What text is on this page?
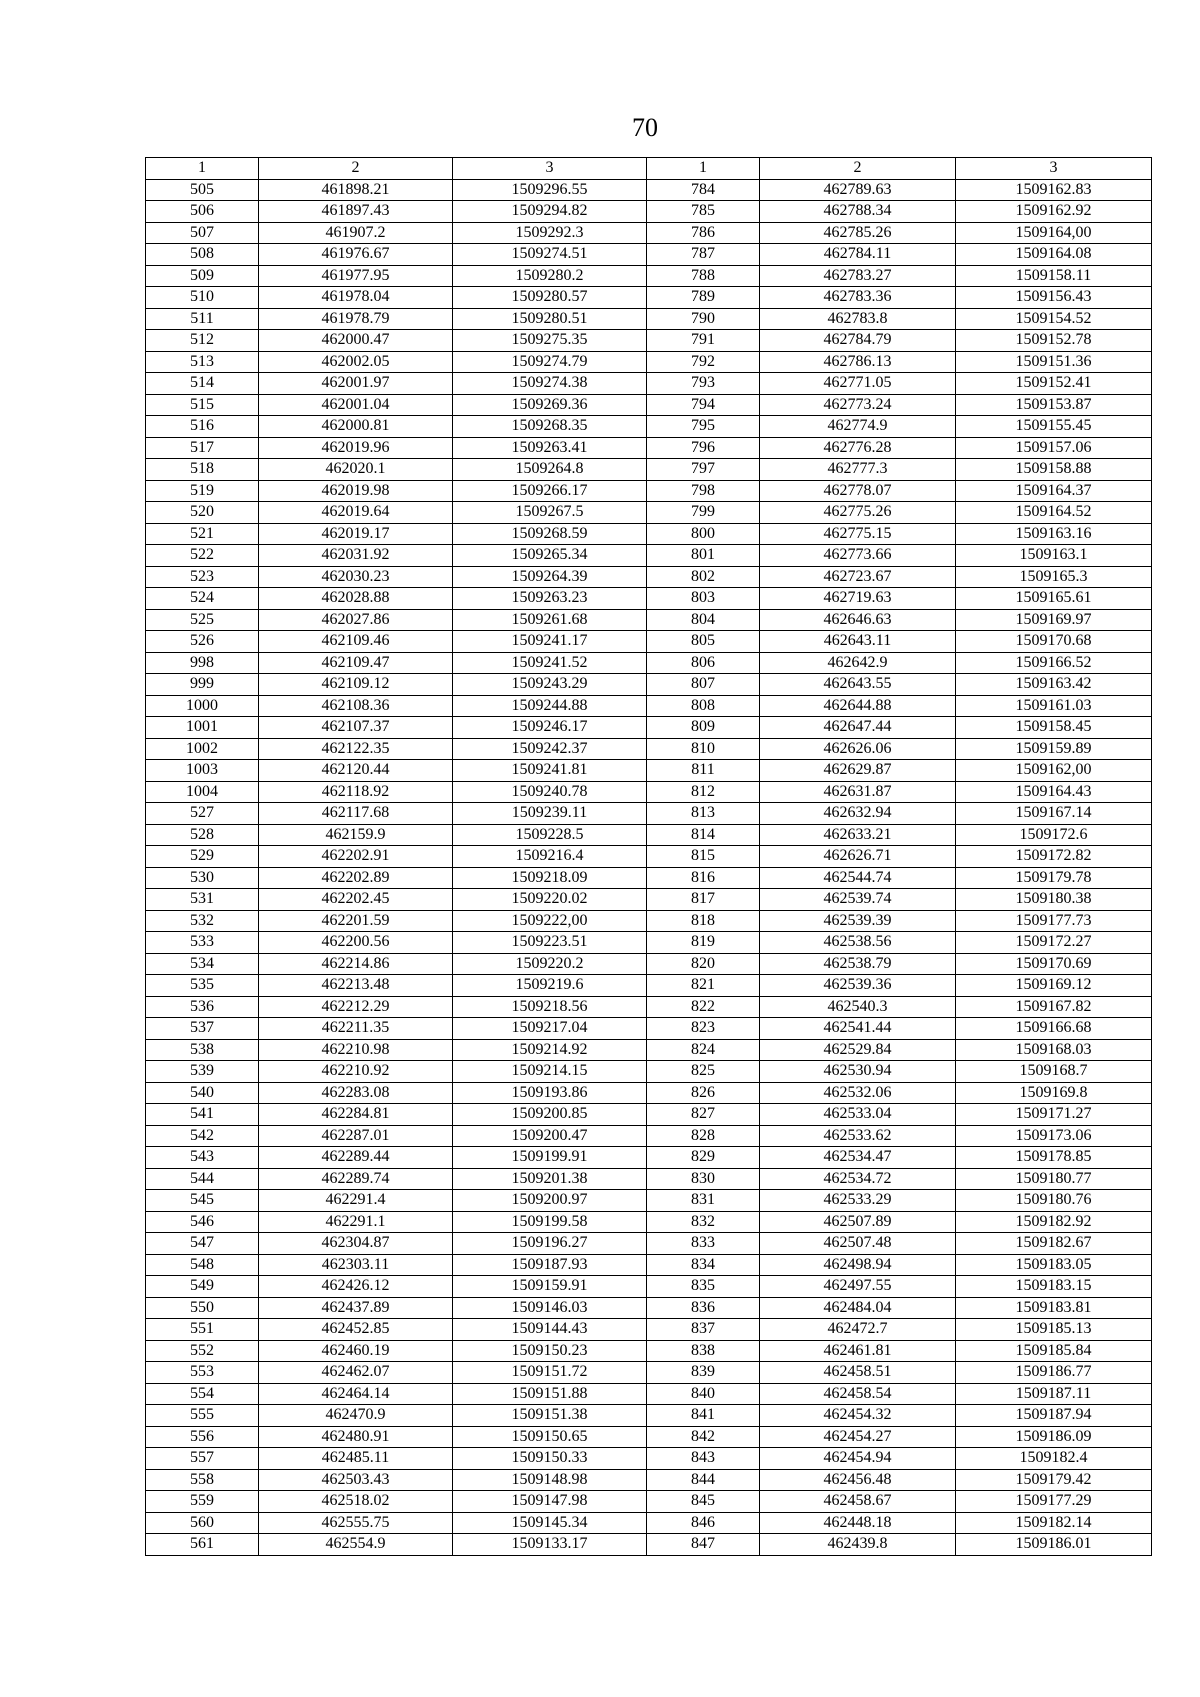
70
1	2	3	1	2	3
505	461898.21	1509296.55	784	462789.63	1509162.83
506	461897.43	1509294.82	785	462788.34	1509162.92
507	461907.2	1509292.3	786	462785.26	1509164,00
508	461976.67	1509274.51	787	462784.11	1509164.08
509	461977.95	1509280.2	788	462783.27	1509158.11
510	461978.04	1509280.57	789	462783.36	1509156.43
511	461978.79	1509280.51	790	462783.8	1509154.52
512	462000.47	1509275.35	791	462784.79	1509152.78
513	462002.05	1509274.79	792	462786.13	1509151.36
514	462001.97	1509274.38	793	462771.05	1509152.41
515	462001.04	1509269.36	794	462773.24	1509153.87
516	462000.81	1509268.35	795	462774.9	1509155.45
517	462019.96	1509263.41	796	462776.28	1509157.06
518	462020.1	1509264.8	797	462777.3	1509158.88
519	462019.98	1509266.17	798	462778.07	1509164.37
520	462019.64	1509267.5	799	462775.26	1509164.52
521	462019.17	1509268.59	800	462775.15	1509163.16
522	462031.92	1509265.34	801	462773.66	1509163.1
523	462030.23	1509264.39	802	462723.67	1509165.3
524	462028.88	1509263.23	803	462719.63	1509165.61
525	462027.86	1509261.68	804	462646.63	1509169.97
526	462109.46	1509241.17	805	462643.11	1509170.68
998	462109.47	1509241.52	806	462642.9	1509166.52
999	462109.12	1509243.29	807	462643.55	1509163.42
1000	462108.36	1509244.88	808	462644.88	1509161.03
1001	462107.37	1509246.17	809	462647.44	1509158.45
1002	462122.35	1509242.37	810	462626.06	1509159.89
1003	462120.44	1509241.81	811	462629.87	1509162,00
1004	462118.92	1509240.78	812	462631.87	1509164.43
527	462117.68	1509239.11	813	462632.94	1509167.14
528	462159.9	1509228.5	814	462633.21	1509172.6
529	462202.91	1509216.4	815	462626.71	1509172.82
530	462202.89	1509218.09	816	462544.74	1509179.78
531	462202.45	1509220.02	817	462539.74	1509180.38
532	462201.59	1509222,00	818	462539.39	1509177.73
533	462200.56	1509223.51	819	462538.56	1509172.27
534	462214.86	1509220.2	820	462538.79	1509170.69
535	462213.48	1509219.6	821	462539.36	1509169.12
536	462212.29	1509218.56	822	462540.3	1509167.82
537	462211.35	1509217.04	823	462541.44	1509166.68
538	462210.98	1509214.92	824	462529.84	1509168.03
539	462210.92	1509214.15	825	462530.94	1509168.7
540	462283.08	1509193.86	826	462532.06	1509169.8
541	462284.81	1509200.85	827	462533.04	1509171.27
542	462287.01	1509200.47	828	462533.62	1509173.06
543	462289.44	1509199.91	829	462534.47	1509178.85
544	462289.74	1509201.38	830	462534.72	1509180.77
545	462291.4	1509200.97	831	462533.29	1509180.76
546	462291.1	1509199.58	832	462507.89	1509182.92
547	462304.87	1509196.27	833	462507.48	1509182.67
548	462303.11	1509187.93	834	462498.94	1509183.05
549	462426.12	1509159.91	835	462497.55	1509183.15
550	462437.89	1509146.03	836	462484.04	1509183.81
551	462452.85	1509144.43	837	462472.7	1509185.13
552	462460.19	1509150.23	838	462461.81	1509185.84
553	462462.07	1509151.72	839	462458.51	1509186.77
554	462464.14	1509151.88	840	462458.54	1509187.11
555	462470.9	1509151.38	841	462454.32	1509187.94
556	462480.91	1509150.65	842	462454.27	1509186.09
557	462485.11	1509150.33	843	462454.94	1509182.4
558	462503.43	1509148.98	844	462456.48	1509179.42
559	462518.02	1509147.98	845	462458.67	1509177.29
560	462555.75	1509145.34	846	462448.18	1509182.14
561	462554.9	1509133.17	847	462439.8	1509186.01
